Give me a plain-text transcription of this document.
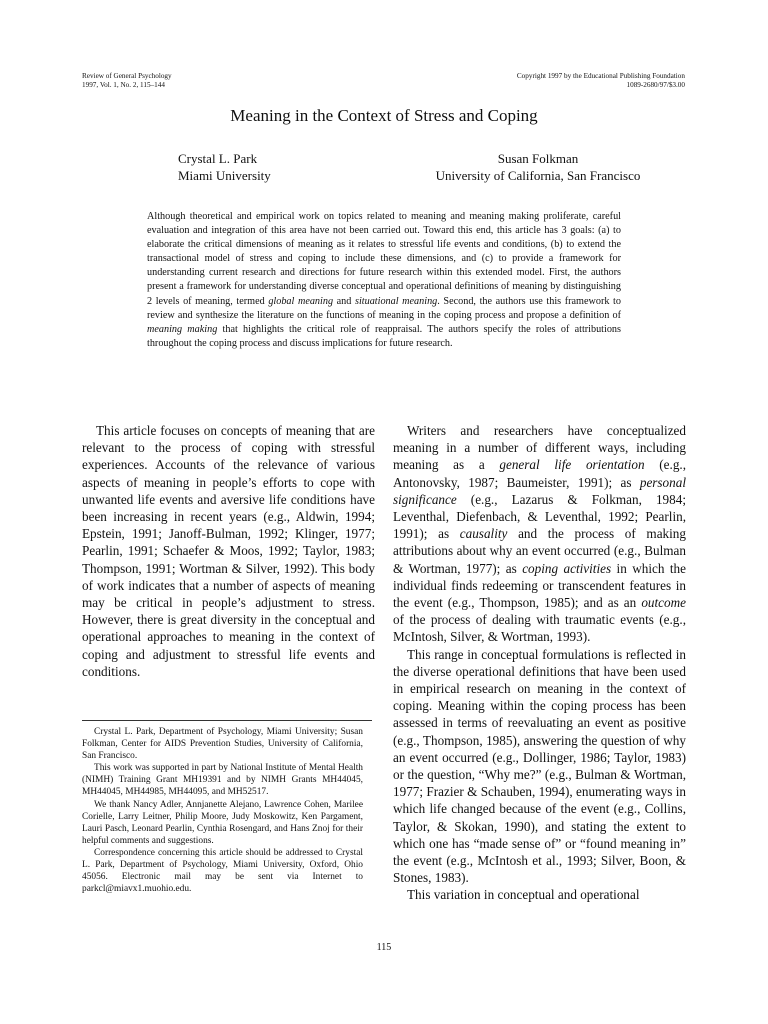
Review of General Psychology
1997, Vol. 1, No. 2, 115–144
Copyright 1997 by the Educational Publishing Foundation
1089-2680/97/$3.00
Meaning in the Context of Stress and Coping
Crystal L. Park
Miami University
Susan Folkman
University of California, San Francisco
Although theoretical and empirical work on topics related to meaning and meaning making proliferate, careful evaluation and integration of this area have not been carried out. Toward this end, this article has 3 goals: (a) to elaborate the critical dimensions of meaning as it relates to stressful life events and conditions, (b) to extend the transactional model of stress and coping to include these dimensions, and (c) to provide a framework for understanding current research and directions for future research within this extended model. First, the authors present a framework for understanding diverse conceptual and operational definitions of meaning by distinguishing 2 levels of meaning, termed global meaning and situational meaning. Second, the authors use this framework to review and synthesize the literature on the functions of meaning in the coping process and propose a definition of meaning making that highlights the critical role of reappraisal. The authors specify the roles of attributions throughout the coping process and discuss implications for future research.

This article focuses on concepts of meaning that are relevant to the process of coping with stressful experiences. Accounts of the relevance of various aspects of meaning in people’s efforts to cope with unwanted life events and aversive life conditions have been increasing in recent years (e.g., Aldwin, 1994; Epstein, 1991; Janoff-Bulman, 1992; Klinger, 1977; Pearlin, 1991; Schaefer & Moos, 1992; Taylor, 1983; Thompson, 1991; Wortman & Silver, 1992). This body of work indicates that a number of aspects of meaning may be critical in people’s adjustment to stress. However, there is great diversity in the conceptual and operational approaches to meaning in the context of coping and adjustment to stressful life events and conditions.

Crystal L. Park, Department of Psychology, Miami University; Susan Folkman, Center for AIDS Prevention Studies, University of California, San Francisco.

This work was supported in part by National Institute of Mental Health (NIMH) Training Grant MH19391 and by NIMH Grants MH44045, MH44045, MH44985, MH44095, and MH52517.

We thank Nancy Adler, Annjanette Alejano, Lawrence Cohen, Marilee Corielle, Larry Leitner, Philip Moore, Judy Moskowitz, Ken Pargament, Lauri Pasch, Leonard Pearlin, Cynthia Rosengard, and Hans Znoj for their helpful comments and suggestions.

Correspondence concerning this article should be addressed to Crystal L. Park, Department of Psychology, Miami University, Oxford, Ohio 45056. Electronic mail may be sent via Internet to parkcl@miavx1.muohio.edu.

Writers and researchers have conceptualized meaning in a number of different ways, including meaning as a general life orientation (e.g., Antonovsky, 1987; Baumeister, 1991); as personal significance (e.g., Lazarus & Folkman, 1984; Leventhal, Diefenbach, & Leventhal, 1992; Pearlin, 1991); as causality and the process of making attributions about why an event occurred (e.g., Bulman & Wortman, 1977); as coping activities in which the individual finds redeeming or transcendent features in the event (e.g., Thompson, 1985); and as an outcome of the process of dealing with traumatic events (e.g., McIntosh, Silver, & Wortman, 1993).

This range in conceptual formulations is reflected in the diverse operational definitions that have been used in empirical research on meaning in the context of coping. Meaning within the coping process has been assessed in terms of reevaluating an event as positive (e.g., Thompson, 1985), answering the question of why an event occurred (e.g., Dollinger, 1986; Taylor, 1983) or the question, “Why me?” (e.g., Bulman & Wortman, 1977; Frazier & Schauben, 1994), enumerating ways in which life changed because of the event (e.g., Collins, Taylor, & Skokan, 1990), and stating the extent to which one has “made sense of” or “found meaning in” the event (e.g., McIntosh et al., 1993; Silver, Boon, & Stones, 1983).

This variation in conceptual and operational

115
